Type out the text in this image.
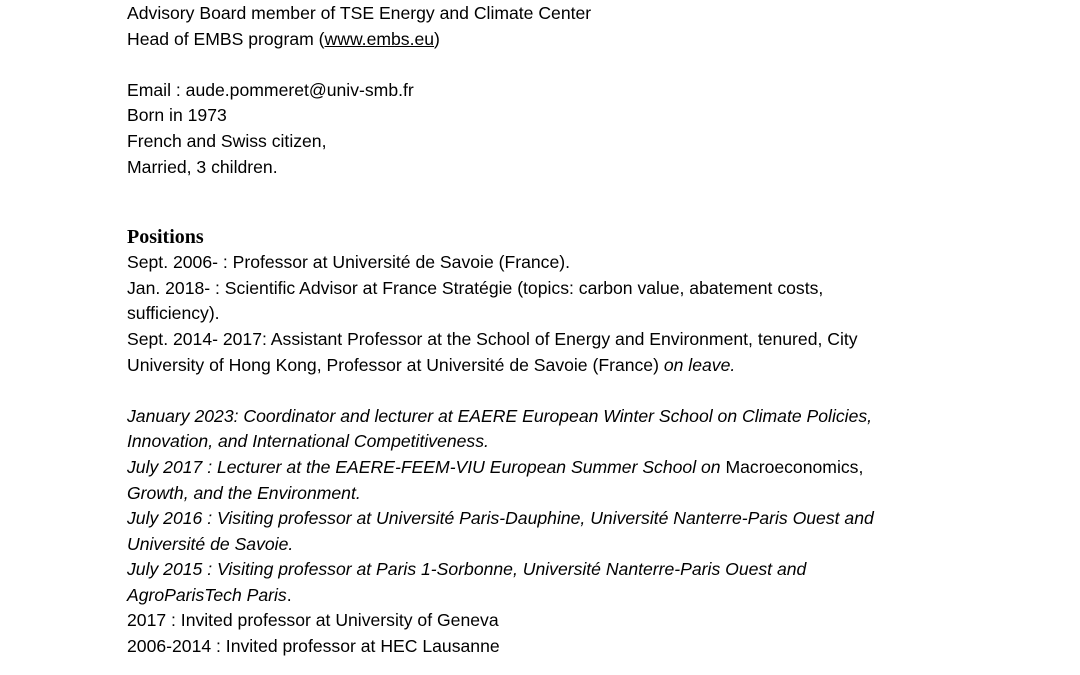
Advisory Board member of TSE Energy and Climate Center
Head of EMBS program (www.embs.eu)
Email : aude.pommeret@univ-smb.fr
Born in 1973
French and Swiss citizen,
Married, 3 children.
Positions
Sept. 2006- : Professor at Université de Savoie (France).
Jan. 2018- : Scientific Advisor at France Stratégie (topics: carbon value, abatement costs,
sufficiency).
Sept. 2014- 2017: Assistant Professor at the School of Energy and Environment, tenured, City
University of Hong Kong, Professor at Université de Savoie (France) on leave.
January 2023: Coordinator and lecturer at EAERE European Winter School on Climate Policies,
Innovation, and International Competitiveness.
July 2017 : Lecturer at the EAERE-FEEM-VIU European Summer School on Macroeconomics,
Growth, and the Environment.
July 2016 : Visiting professor at Université Paris-Dauphine, Université Nanterre-Paris Ouest and
Université de Savoie.
July 2015 : Visiting professor at Paris 1-Sorbonne, Université Nanterre-Paris Ouest and
AgroParisTech Paris.
2017 : Invited professor at University of Geneva
2006-2014 : Invited professor at HEC Lausanne
